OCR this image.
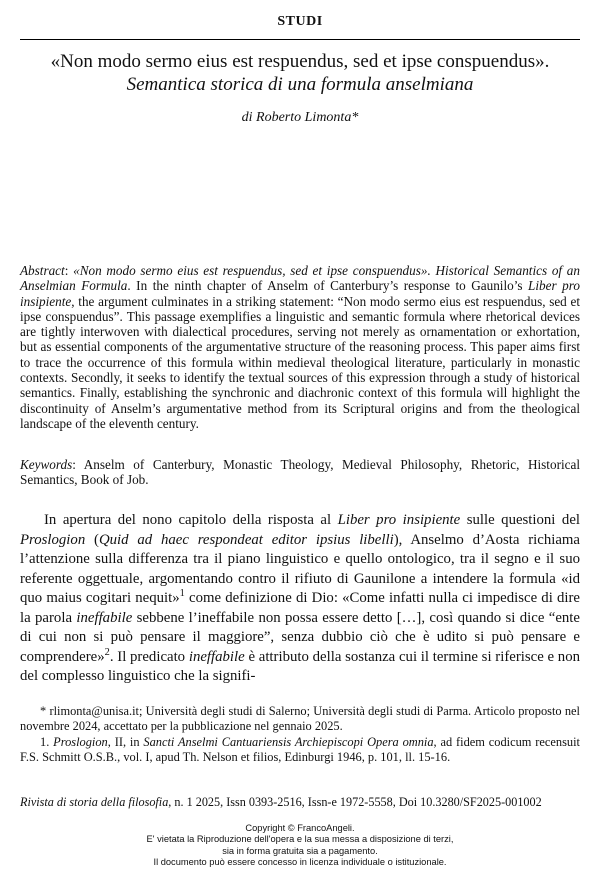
STUDI
«Non modo sermo eius est respuendus, sed et ipse conspuendus».
Semantica storica di una formula anselmiana
di Roberto Limonta*

Abstract: «Non modo sermo eius est respuendus, sed et ipse conspuendus». Historical Semantics of an Anselmian Formula. In the ninth chapter of Anselm of Canterbury’s response to Gaunilo’s Liber pro insipiente, the argument culminates in a striking statement: “Non modo sermo eius est respuendus, sed et ipse conspuendus”. This passage exemplifies a linguistic and semantic formula where rhetorical devices are tightly interwoven with dialectical procedures, serving not merely as ornamentation or exhortation, but as essential components of the argumentative structure of the reasoning process. This paper aims first to trace the occurrence of this formula within medieval theological literature, particularly in monastic contexts. Secondly, it seeks to identify the textual sources of this expression through a study of historical semantics. Finally, establishing the synchronic and diachronic context of this formula will highlight the discontinuity of Anselm’s argumentative method from its Scriptural origins and from the theological landscape of the eleventh century.

Keywords: Anselm of Canterbury, Monastic Theology, Medieval Philosophy, Rhetoric, Historical Semantics, Book of Job.

In apertura del nono capitolo della risposta al Liber pro insipiente sulle questioni del Proslogion (Quid ad haec respondeat editor ipsius libelli), Anselmo d’Aosta richiama l’attenzione sulla differenza tra il piano linguistico e quello ontologico, tra il segno e il suo referente oggettuale, argomentando contro il rifiuto di Gaunilone a intendere la formula «id quo maius cogitari nequit»$^1$ come definizione di Dio: «Come infatti nulla ci impedisce di dire la parola ineffabile sebbene l’ineffabile non possa essere detto […], così quando si dice “ente di cui non si può pensare il maggiore”, senza dubbio ciò che è udito si può pensare e comprendere»$^2$. Il predicato ineffabile è attributo della sostanza cui il termine si riferisce e non del complesso linguistico che la signifi-

* rlimonta@unisa.it; Università degli studi di Salerno; Università degli studi di Parma. Articolo proposto nel novembre 2024, accettato per la pubblicazione nel gennaio 2025.

1. Proslogion, II, in Sancti Anselmi Cantuariensis Archiepiscopi Opera omnia, ad fidem codicum recensuit F.S. Schmitt O.S.B., vol. I, apud Th. Nelson et filios, Edinburgi 1946, p. 101, ll. 15-16.

Rivista di storia della filosofia, n. 1 2025, Issn 0393-2516, Issn-e 1972-5558, Doi 10.3280/SF2025-001002
Copyright © FrancoAngeli.
E' vietata la Riproduzione dell'opera e la sua messa a disposizione di terzi,
sia in forma gratuita sia a pagamento.
Il documento può essere concesso in licenza individuale o istituzionale.
